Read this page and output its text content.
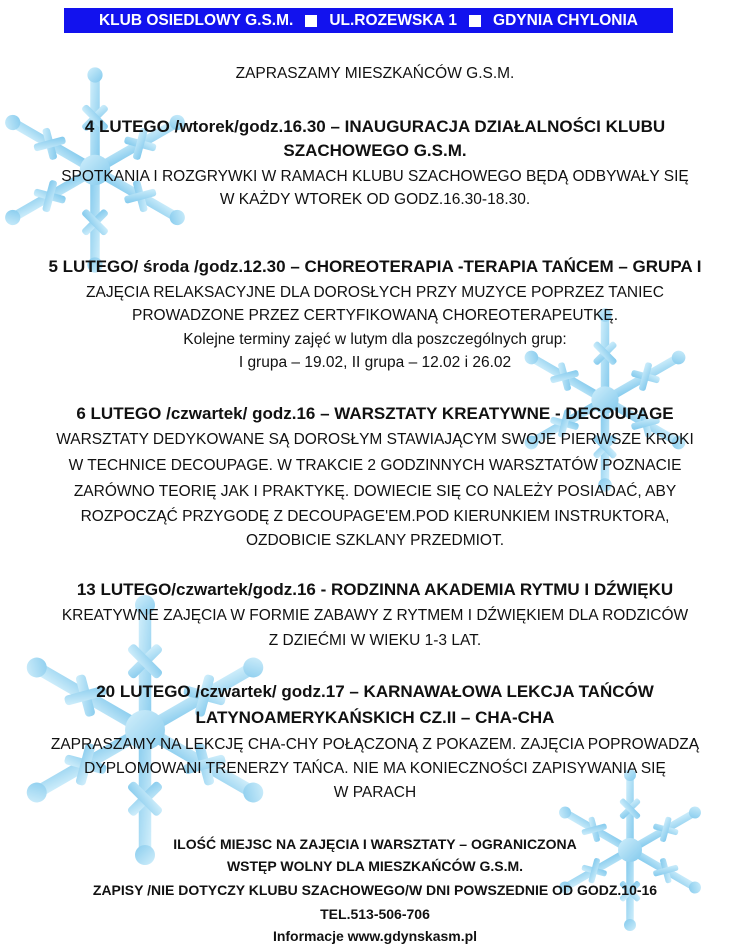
KLUB OSIEDLOWY G.S.M. UL.ROZEWSKA 1 GDYNIA CHYLONIA
ZAPRASZAMY MIESZKAŃCÓW G.S.M.
4 LUTEGO /wtorek/godz.16.30 – INAUGURACJA DZIAŁALNOŚCI KLUBU
SZACHOWEGO G.S.M.
SPOTKANIA I ROZGRYWKI W RAMACH KLUBU SZACHOWEGO BĘDĄ ODBYWAŁY SIĘ
W KAŻDY WTOREK OD GODZ.16.30-18.30.
5 LUTEGO/ środa /godz.12.30 – CHOREOTERAPIA -TERAPIA TAŃCEM – GRUPA I
ZAJĘCIA RELAKSACYJNE DLA DOROSŁYCH PRZY MUZYCE POPRZEZ TANIEC
PROWADZONE PRZEZ CERTYFIKOWANĄ CHOREOTERAPEUTKĘ.
Kolejne terminy zajęć w lutym dla poszczególnych grup:
I grupa – 19.02, II grupa – 12.02 i 26.02
6 LUTEGO /czwartek/ godz.16 – WARSZTATY KREATYWNE - DECOUPAGE
WARSZTATY DEDYKOWANE SĄ DOROSŁYM STAWIAJĄCYM SWOJE PIERWSZE KROKI
W TECHNICE DECOUPAGE. W TRAKCIE 2 GODZINNYCH WARSZTATÓW POZNACIE
ZARÓWNO TEORIĘ JAK I PRAKTYKĘ. DOWIECIE SIĘ CO NALEŻY POSIADAĆ, ABY
ROZPOCZĄĆ PRZYGODĘ Z DECOUPAGE'EM.POD KIERUNKIEM INSTRUKTORA,
OZDOBICIE SZKLANY PRZEDMIOT.
13 LUTEGO/czwartek/godz.16 - RODZINNA AKADEMIA RYTMU I DŹWIĘKU
KREATYWNE ZAJĘCIA W FORMIE ZABAWY Z RYTMEM I DŹWIĘKIEM DLA RODZICÓW
Z DZIEĆMI W WIEKU 1-3 LAT.
20 LUTEGO /czwartek/ godz.17 – KARNAWAŁOWA LEKCJA TAŃCÓW
LATYNOAMERYKAŃSKICH CZ.II – CHA-CHA
ZAPRASZAMY NA LEKCJĘ CHA-CHY POŁĄCZONĄ Z POKAZEM. ZAJĘCIA POPROWADZĄ
DYPLOMOWANI TRENERZY TAŃCA. NIE MA KONIECZNOŚCI ZAPISYWANIA SIĘ
W PARACH
ILOŚĆ MIEJSC NA ZAJĘCIA I WARSZTATY – OGRANICZONA
WSTĘP WOLNY DLA MIESZKAŃCÓW G.S.M.
ZAPISY /NIE DOTYCZY KLUBU SZACHOWEGO/W DNI POWSZEDNIE OD GODZ.10-16
TEL.513-506-706
Informacje www.gdynskasm.pl
